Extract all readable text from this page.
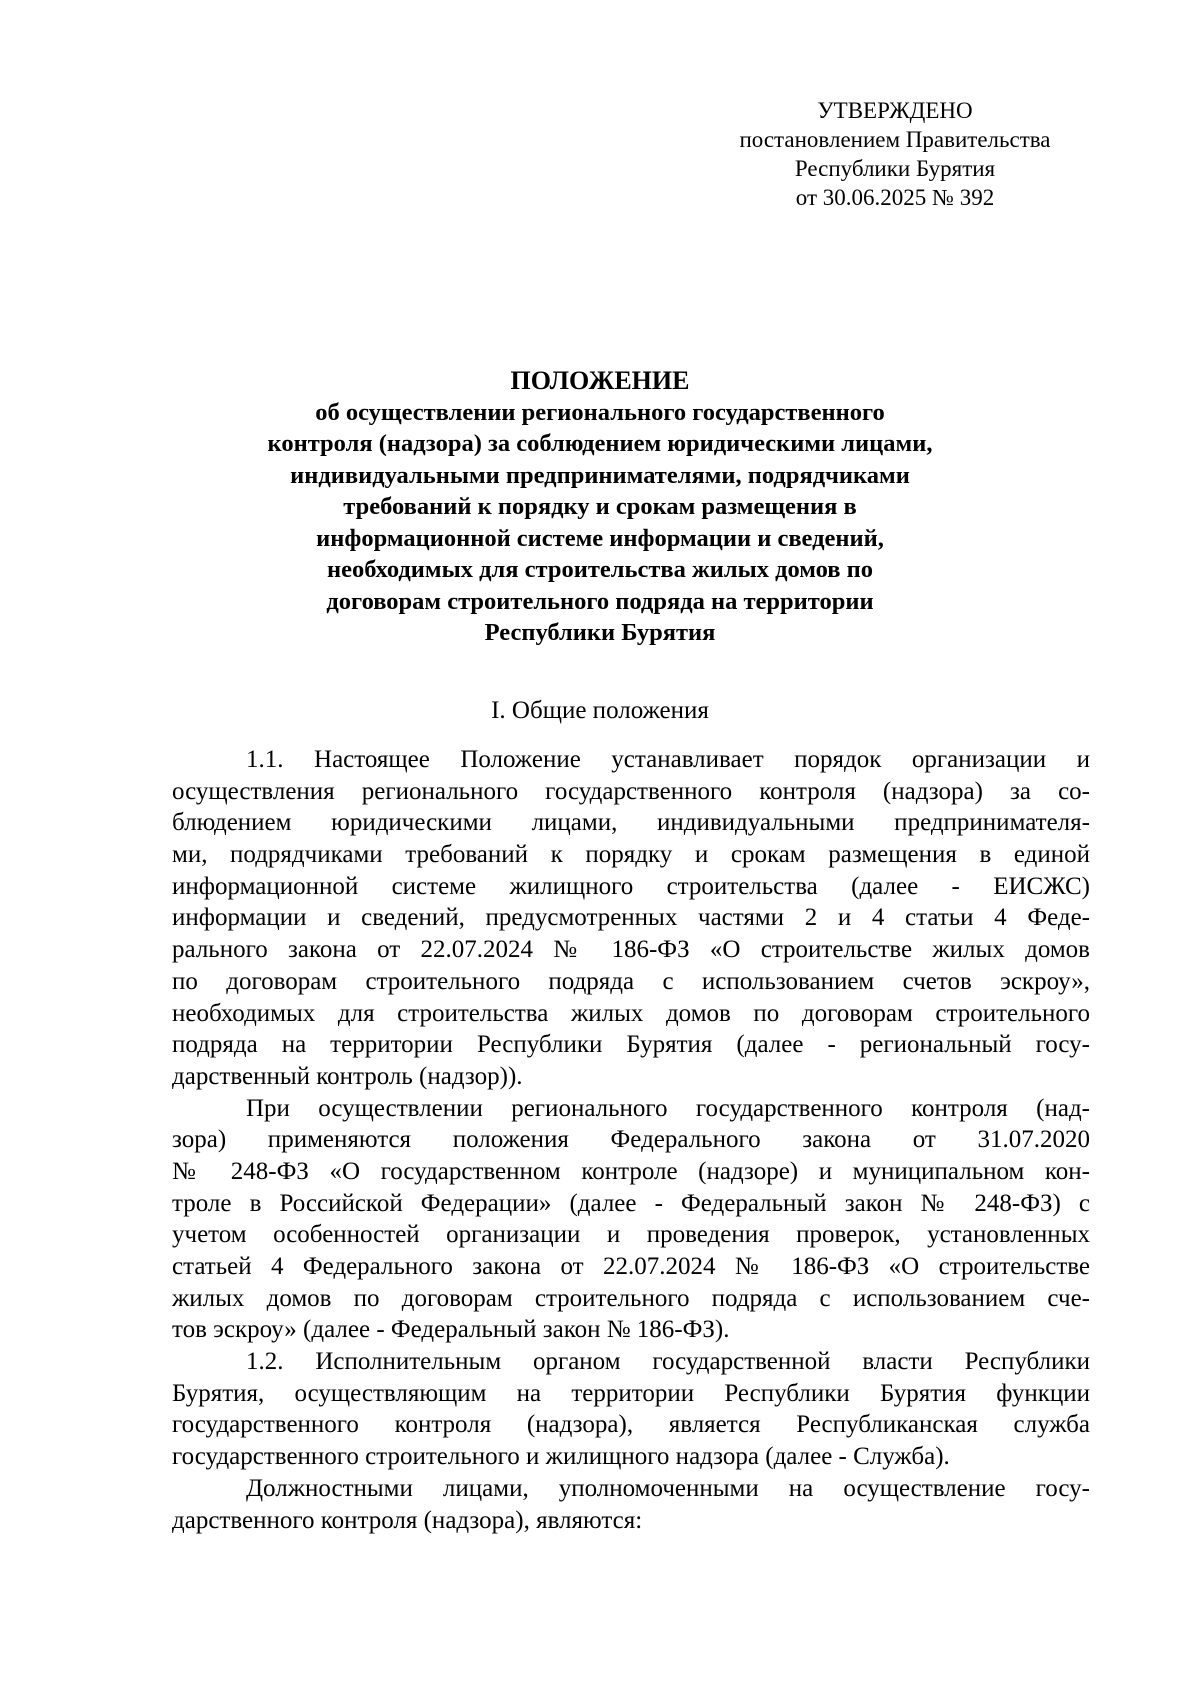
УТВЕРЖДЕНО
постановлением Правительства
Республики Бурятия
от 30.06.2025 № 392
ПОЛОЖЕНИЕ
об осуществлении регионального государственного
контроля (надзора) за соблюдением юридическими лицами,
индивидуальными предпринимателями, подрядчиками
требований к порядку и срокам размещения в
информационной системе информации и сведений,
необходимых для строительства жилых домов по
договорам строительного подряда на территории
Республики Бурятия
I. Общие положения
1.1. Настоящее Положение устанавливает порядок организации и
осуществления регионального государственного контроля (надзора) за со-
блюдением юридическими лицами, индивидуальными предпринимателя-
ми, подрядчиками требований к порядку и срокам размещения в единой
информационной системе жилищного строительства (далее - ЕИСЖС)
информации и сведений, предусмотренных частями 2 и 4 статьи 4 Феде-
рального закона от 22.07.2024 № 186-ФЗ «О строительстве жилых домов
по договорам строительного подряда с использованием счетов эскроу»,
необходимых для строительства жилых домов по договорам строительного
подряда на территории Республики Бурятия (далее - региональный госу-
дарственный контроль (надзор)).
При осуществлении регионального государственного контроля (над-
зора) применяются положения Федерального закона от 31.07.2020
№ 248-ФЗ «О государственном контроле (надзоре) и муниципальном кон-
троле в Российской Федерации» (далее - Федеральный закон № 248-ФЗ) с
учетом особенностей организации и проведения проверок, установленных
статьей 4 Федерального закона от 22.07.2024 № 186-ФЗ «О строительстве
жилых домов по договорам строительного подряда с использованием сче-
тов эскроу» (далее - Федеральный закон № 186-ФЗ).
1.2. Исполнительным органом государственной власти Республики
Бурятия, осуществляющим на территории Республики Бурятия функции
государственного контроля (надзора), является Республиканская служба
государственного строительного и жилищного надзора (далее - Служба).
Должностными лицами, уполномоченными на осуществление госу-
дарственного контроля (надзора), являются:
